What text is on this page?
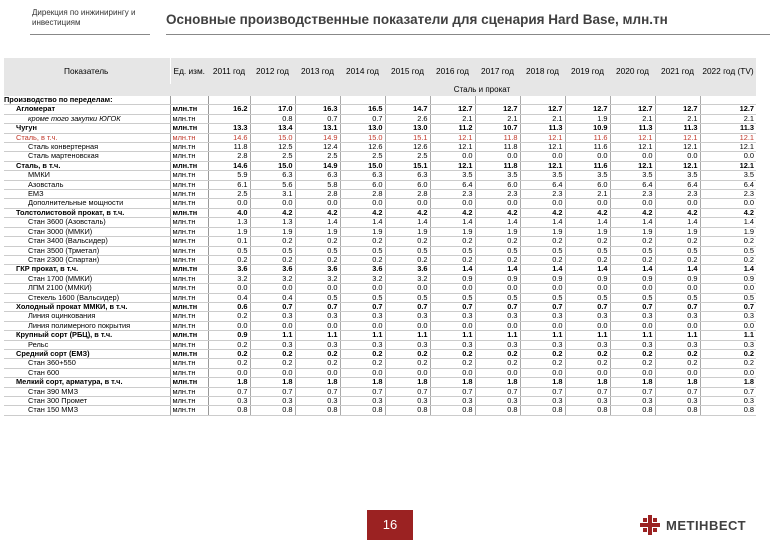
Дирекция по инжинирингу и инвестициям	Основные производственные показатели для сценария Hard Base, млн.тн
Показатель	Ед. изм.	2011 год	2012 год	2013 год	2014 год	2015 год	2016 год	2017 год	2018 год	2019 год	2020 год	2021 год	2022 год (TV)
		Сталь и прокат											
Производство по переделам:													
Агломерат	млн.тн	16.2	17.0	16.3	16.5	14.7	12.7	12.7	12.7	12.7	12.7	12.7	12.7
кроме того закупки ЮГОК	млн.тн		0.8	0.7	0.7	2.6	2.1	2.1	2.1	1.9	2.1	2.1	2.1
Чугун	млн.тн	13.3	13.4	13.1	13.0	13.0	11.2	10.7	11.3	10.9	11.3	11.3	11.3
Сталь, в т.ч.	млн.тн	14.6	15.0	14.9	15.0	15.1	12.1	11.8	12.1	11.6	12.1	12.1	12.1
Сталь конвертерная	млн.тн	11.8	12.5	12.4	12.6	12.6	12.1	11.8	12.1	11.6	12.1	12.1	12.1
Сталь мартеновская	млн.тн	2.8	2.5	2.5	2.5	2.5	0.0	0.0	0.0	0.0	0.0	0.0	0.0
Сталь, в т.ч.	млн.тн	14.6	15.0	14.9	15.0	15.1	12.1	11.8	12.1	11.6	12.1	12.1	12.1
ММКИ	млн.тн	5.9	6.3	6.3	6.3	6.3	3.5	3.5	3.5	3.5	3.5	3.5	3.5
Азовсталь	млн.тн	6.1	5.6	5.8	6.0	6.0	6.4	6.0	6.4	6.0	6.4	6.4	6.4
ЕМЗ	млн.тн	2.5	3.1	2.8	2.8	2.8	2.3	2.3	2.3	2.1	2.3	2.3	2.3
Дополнительные мощности	млн.тн	0.0	0.0	0.0	0.0	0.0	0.0	0.0	0.0	0.0	0.0	0.0	0.0
Толстолистовой прокат, в т.ч.	млн.тн	4.0	4.2	4.2	4.2	4.2	4.2	4.2	4.2	4.2	4.2	4.2	4.2
Стан 3600 (Азовсталь)	млн.тн	1.3	1.3	1.4	1.4	1.4	1.4	1.4	1.4	1.4	1.4	1.4	1.4
Стан 3000 (ММКИ)	млн.тн	1.9	1.9	1.9	1.9	1.9	1.9	1.9	1.9	1.9	1.9	1.9	1.9
Стан 3400 (Вальсидер)	млн.тн	0.1	0.2	0.2	0.2	0.2	0.2	0.2	0.2	0.2	0.2	0.2	0.2
Стан 3500 (Трметал)	млн.тн	0.5	0.5	0.5	0.5	0.5	0.5	0.5	0.5	0.5	0.5	0.5	0.5
Стан 2300 (Спартан)	млн.тн	0.2	0.2	0.2	0.2	0.2	0.2	0.2	0.2	0.2	0.2	0.2	0.2
ГКР прокат, в т.ч.	млн.тн	3.6	3.6	3.6	3.6	3.6	1.4	1.4	1.4	1.4	1.4	1.4	1.4
Стан 1700 (ММКИ)	млн.тн	3.2	3.2	3.2	3.2	3.2	0.9	0.9	0.9	0.9	0.9	0.9	0.9
ЛПМ 2100 (ММКИ)	млн.тн	0.0	0.0	0.0	0.0	0.0	0.0	0.0	0.0	0.0	0.0	0.0	0.0
Стекель 1600 (Вальсидер)	млн.тн	0.4	0.4	0.5	0.5	0.5	0.5	0.5	0.5	0.5	0.5	0.5	0.5
Холодный прокат ММКИ, в т.ч.	млн.тн	0.6	0.7	0.7	0.7	0.7	0.7	0.7	0.7	0.7	0.7	0.7	0.7
Линия оцинкования	млн.тн	0.2	0.3	0.3	0.3	0.3	0.3	0.3	0.3	0.3	0.3	0.3	0.3
Линия полимерного покрытия	млн.тн	0.0	0.0	0.0	0.0	0.0	0.0	0.0	0.0	0.0	0.0	0.0	0.0
Крупный сорт (РБЦ), в т.ч.	млн.тн	0.9	1.1	1.1	1.1	1.1	1.1	1.1	1.1	1.1	1.1	1.1	1.1
Рельс	млн.тн	0.2	0.3	0.3	0.3	0.3	0.3	0.3	0.3	0.3	0.3	0.3	0.3
Средний сорт (ЕМЗ)	млн.тн	0.2	0.2	0.2	0.2	0.2	0.2	0.2	0.2	0.2	0.2	0.2	0.2
Стан 360+550	млн.тн	0.2	0.2	0.2	0.2	0.2	0.2	0.2	0.2	0.2	0.2	0.2	0.2
Стан 600	млн.тн	0.0	0.0	0.0	0.0	0.0	0.0	0.0	0.0	0.0	0.0	0.0	0.0
Мелкий сорт, арматура, в т.ч.	млн.тн	1.8	1.8	1.8	1.8	1.8	1.8	1.8	1.8	1.8	1.8	1.8	1.8
Стан 390 ММЗ	млн.тн	0.7	0.7	0.7	0.7	0.7	0.7	0.7	0.7	0.7	0.7	0.7	0.7
Стан 300 Промет	млн.тн	0.3	0.3	0.3	0.3	0.3	0.3	0.3	0.3	0.3	0.3	0.3	0.3
Стан 150 ММЗ	млн.тн	0.8	0.8	0.8	0.8	0.8	0.8	0.8	0.8	0.8	0.8	0.8	0.8
16	МЕТІНВЕСТ
